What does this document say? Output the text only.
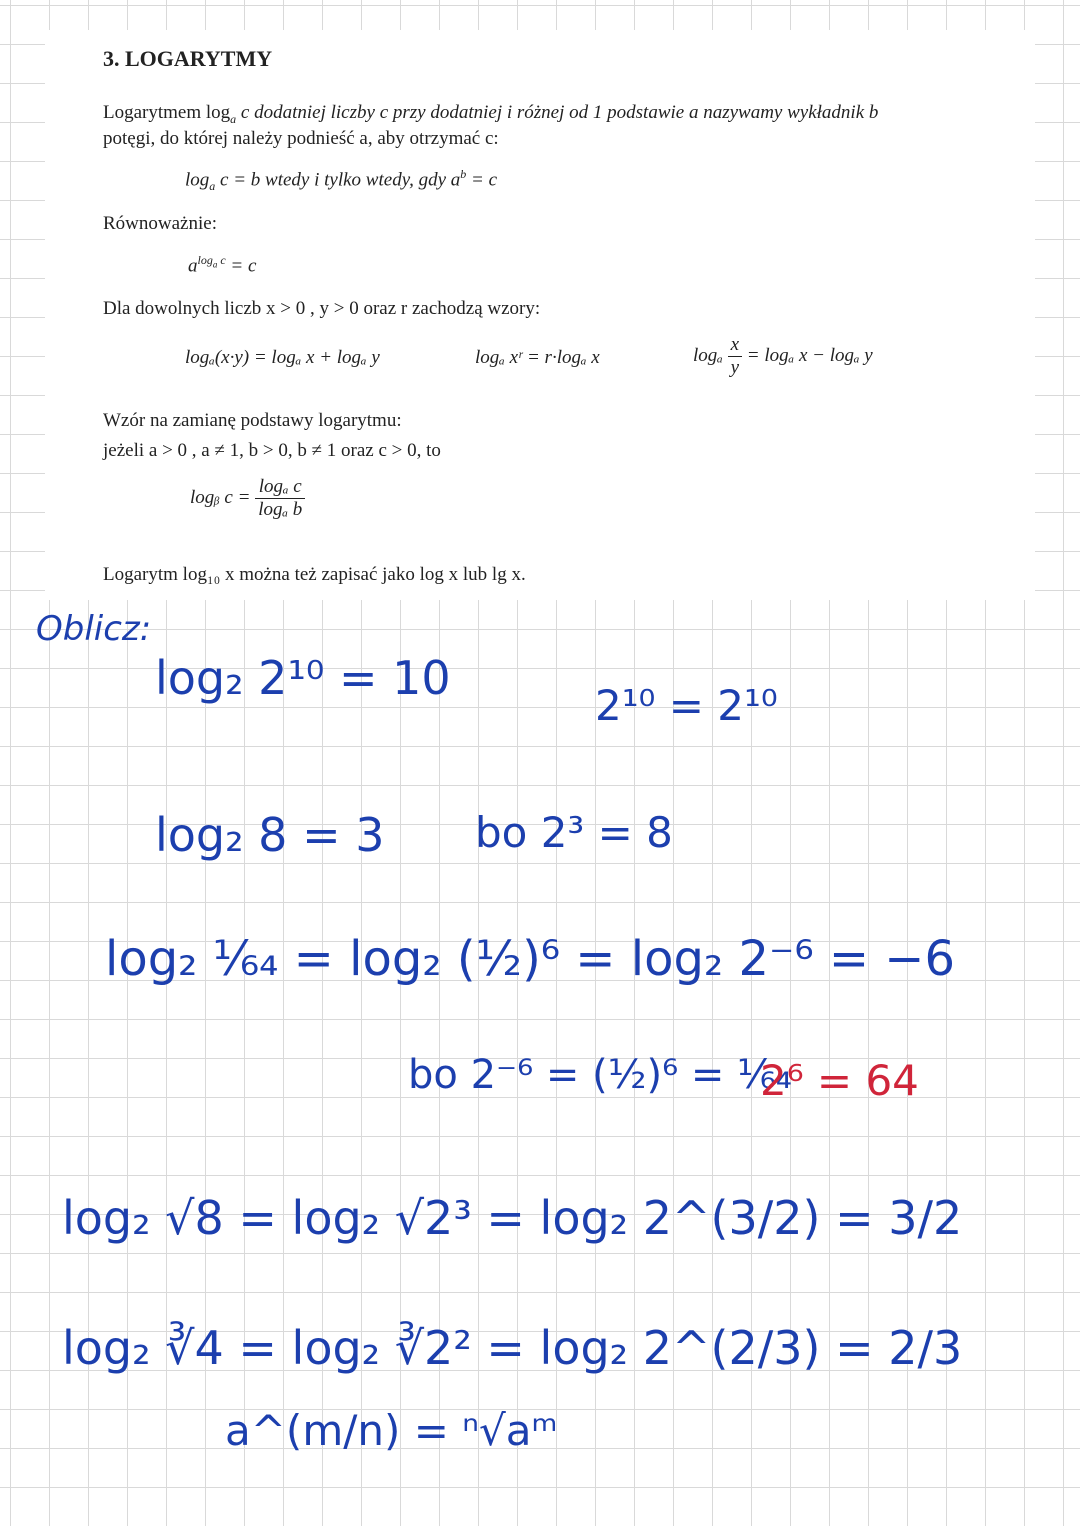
3. LOGARYTMY
Logarytmem $\log_a c$ dodatniej liczby c przy dodatniej i różnej od 1 podstawie a nazywamy wykładnik b
potęgi, do której należy podnieść a, aby otrzymać c:
$\log_a c = b$ wtedy i tylko wtedy, gdy $a^b = c$
Równoważnie:
$a^{log_a c} = c$
Dla dowolnych liczb x > 0 , y > 0 oraz r zachodzą wzory:
logₐ(x·y) = logₐ x + logₐ y	logₐ xʳ = r·logₐ x	logₐ $\frac{x}{y} = \log_a$ x − logₐ y
Wzór na zamianę podstawy logarytmu:
jeżeli a > 0 , a ≠ 1, b > 0, b ≠ 1 oraz c > 0, to
logᵦ $c = \frac{\text{logₐ c}}{\text{logₐ b}}$
Logarytm log₁₀ x można też zapisać jako log x lub lg x.
Oblicz:
log₂ 2¹⁰ = 10
2¹⁰ = 2¹⁰
log₂ 8 = 3 bo 2³ = 8
log₂ ¹⁄₆₄ = log₂ (½)⁶ = log₂ 2⁻⁶ = −6
bo 2⁻⁶ = (½)⁶ = ¹⁄₆₄
2⁶ = 64
log₂ √8 = log₂ √2³ = log₂ 2^(3/2) = 3/2
log₂ ∛4 = log₂ ∛2² = log₂ 2^(2/3) = 2/3
a^(m/n) = ⁿ√aᵐ
